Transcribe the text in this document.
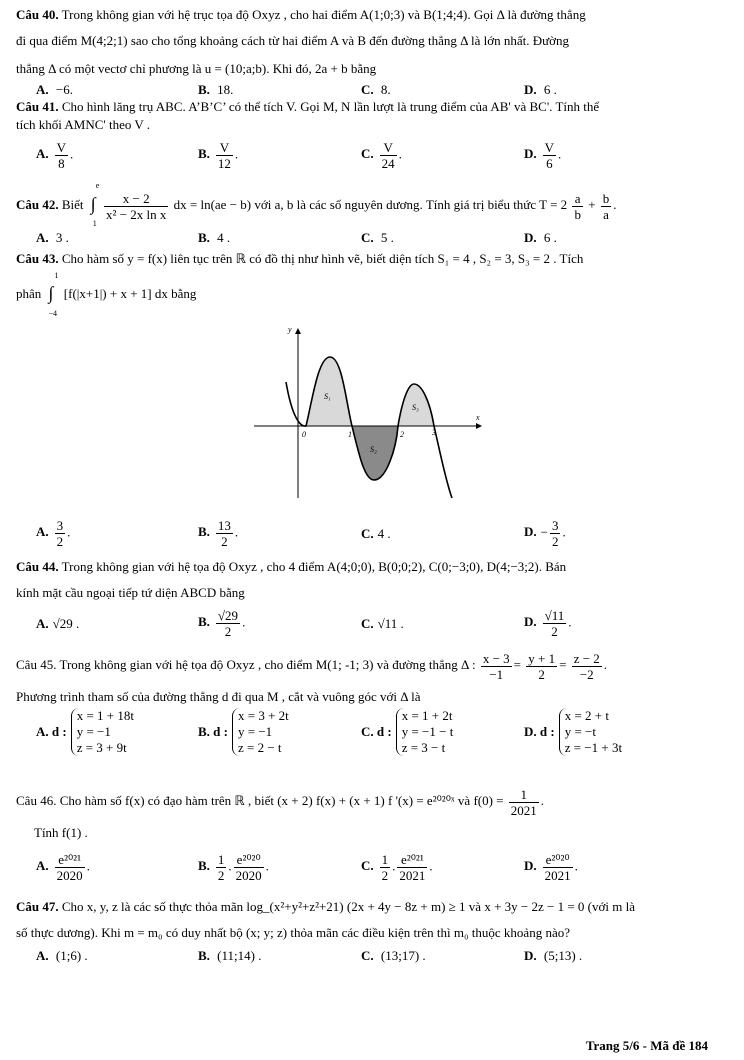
Câu 40. Trong không gian với hệ trục tọa độ Oxyz , cho hai điểm A(1;0;3) và B(1;4;4). Gọi Δ là đường thẳng
đi qua điểm M(4;2;1) sao cho tổng khoảng cách từ hai điểm A và B đến đường thẳng Δ là lớn nhất. Đường
thẳng Δ có một vectơ chỉ phương là u = (10;a;b). Khi đó, 2a + b bằng
A. −6.	B. 18.	C. 8.	D. 6 .
Câu 41. Cho hình lăng trụ ABC. A’B’C’ có thể tích V. Gọi M, N lần lượt là trung điểm của AB' và BC'. Tính thể
tích khối AMNC' theo V .
A. $\frac{V}{8}$ .	B. $\frac{V}{12}$ .	C. $\frac{V}{24}$ .	D. $\frac{V}{6}$ .
Câu 42. Biết ∫
e
1

$\frac{x - 2}{\text{x² − 2x ln x}}$ dx = ln(ae − b) với a, b là các số nguyên dương. Tính giá trị biểu thức $T = 2 \frac{a}{b} + \frac{b}{a}$ .
A. 3 .	B. 4 .	C. 5 .	D. 6 .
Câu 43. Cho hàm số y = f(x) liên tục trên ℝ có đồ thị như hình vẽ, biết diện tích S₁ = 4 , S₂ = 3, S₃ = 2 . Tích
phân ∫
1
−4
[f(|x+1|) + x + 1] dx bằng
y
x
0	1	2	3
S₁
S₂
S₃
A. $\frac{3}{2}$ .	B. $\frac{13}{2}$ .	C. 4 .	D. − $\frac{3}{2}$ .
Câu 44. Trong không gian với hệ tọa độ Oxyz , cho 4 điểm A(4;0;0), B(0;0;2), C(0;−3;0), D(4;−3;2). Bán
kính mặt cầu ngoại tiếp tứ diện ABCD bằng
A. √29 .	B. $\frac{√29}{2}$ .	C. √11 .	D. $\frac{√11}{2}$ .
Câu 45. Trong không gian với hệ tọa độ Oxyz , cho điểm M(1; -1; 3) và đường thẳng Δ : $\frac{x - 3}{-1} = \frac{y + 1}{2} = \frac{z - 2}{-2}$ .
Phương trình tham số của đường thẳng d đi qua M , cắt và vuông góc với Δ là
A. d :
x = 1 + 18t
y = −1
z = 3 + 9t
B. d :
x = 3 + 2t
y = −1
z = 2 − t
C. d :
x = 1 + 2t
y = −1 − t
z = 3 − t
D. d :
x = 2 + t
y = −t
z = −1 + 3t
Câu 46. Cho hàm số f(x) có đạo hàm trên ℝ , biết (x + 2) f(x) + (x + 1) f '(x) = e²⁰²⁰ˣ và $f(0) = \frac{1}{2021}$ .
Tính f(1) .
A. $\frac{\text{e²⁰²¹}}{2020}$ .	B. $\frac{1}{2}$ . $\frac{\text{e²⁰²⁰}}{2020}$ .	C. $\frac{1}{2}$ . $\frac{\text{e²⁰²¹}}{2021}$ .	D. $\frac{\text{e²⁰²⁰}}{2021}$ .
Câu 47. Cho x, y, z là các số thực thỏa mãn log_(x²+y²+z²+21) (2x + 4y − 8z + m) ≥ 1 và x + 3y − 2z − 1 = 0 (với m là
số thực dương). Khi m = m₀ có duy nhất bộ (x; y; z) thỏa mãn các điều kiện trên thì m₀ thuộc khoảng nào?
A. (1;6) .	B. (11;14) .	C. (13;17) .	D. (5;13) .
Trang 5/6 - Mã đề 184
